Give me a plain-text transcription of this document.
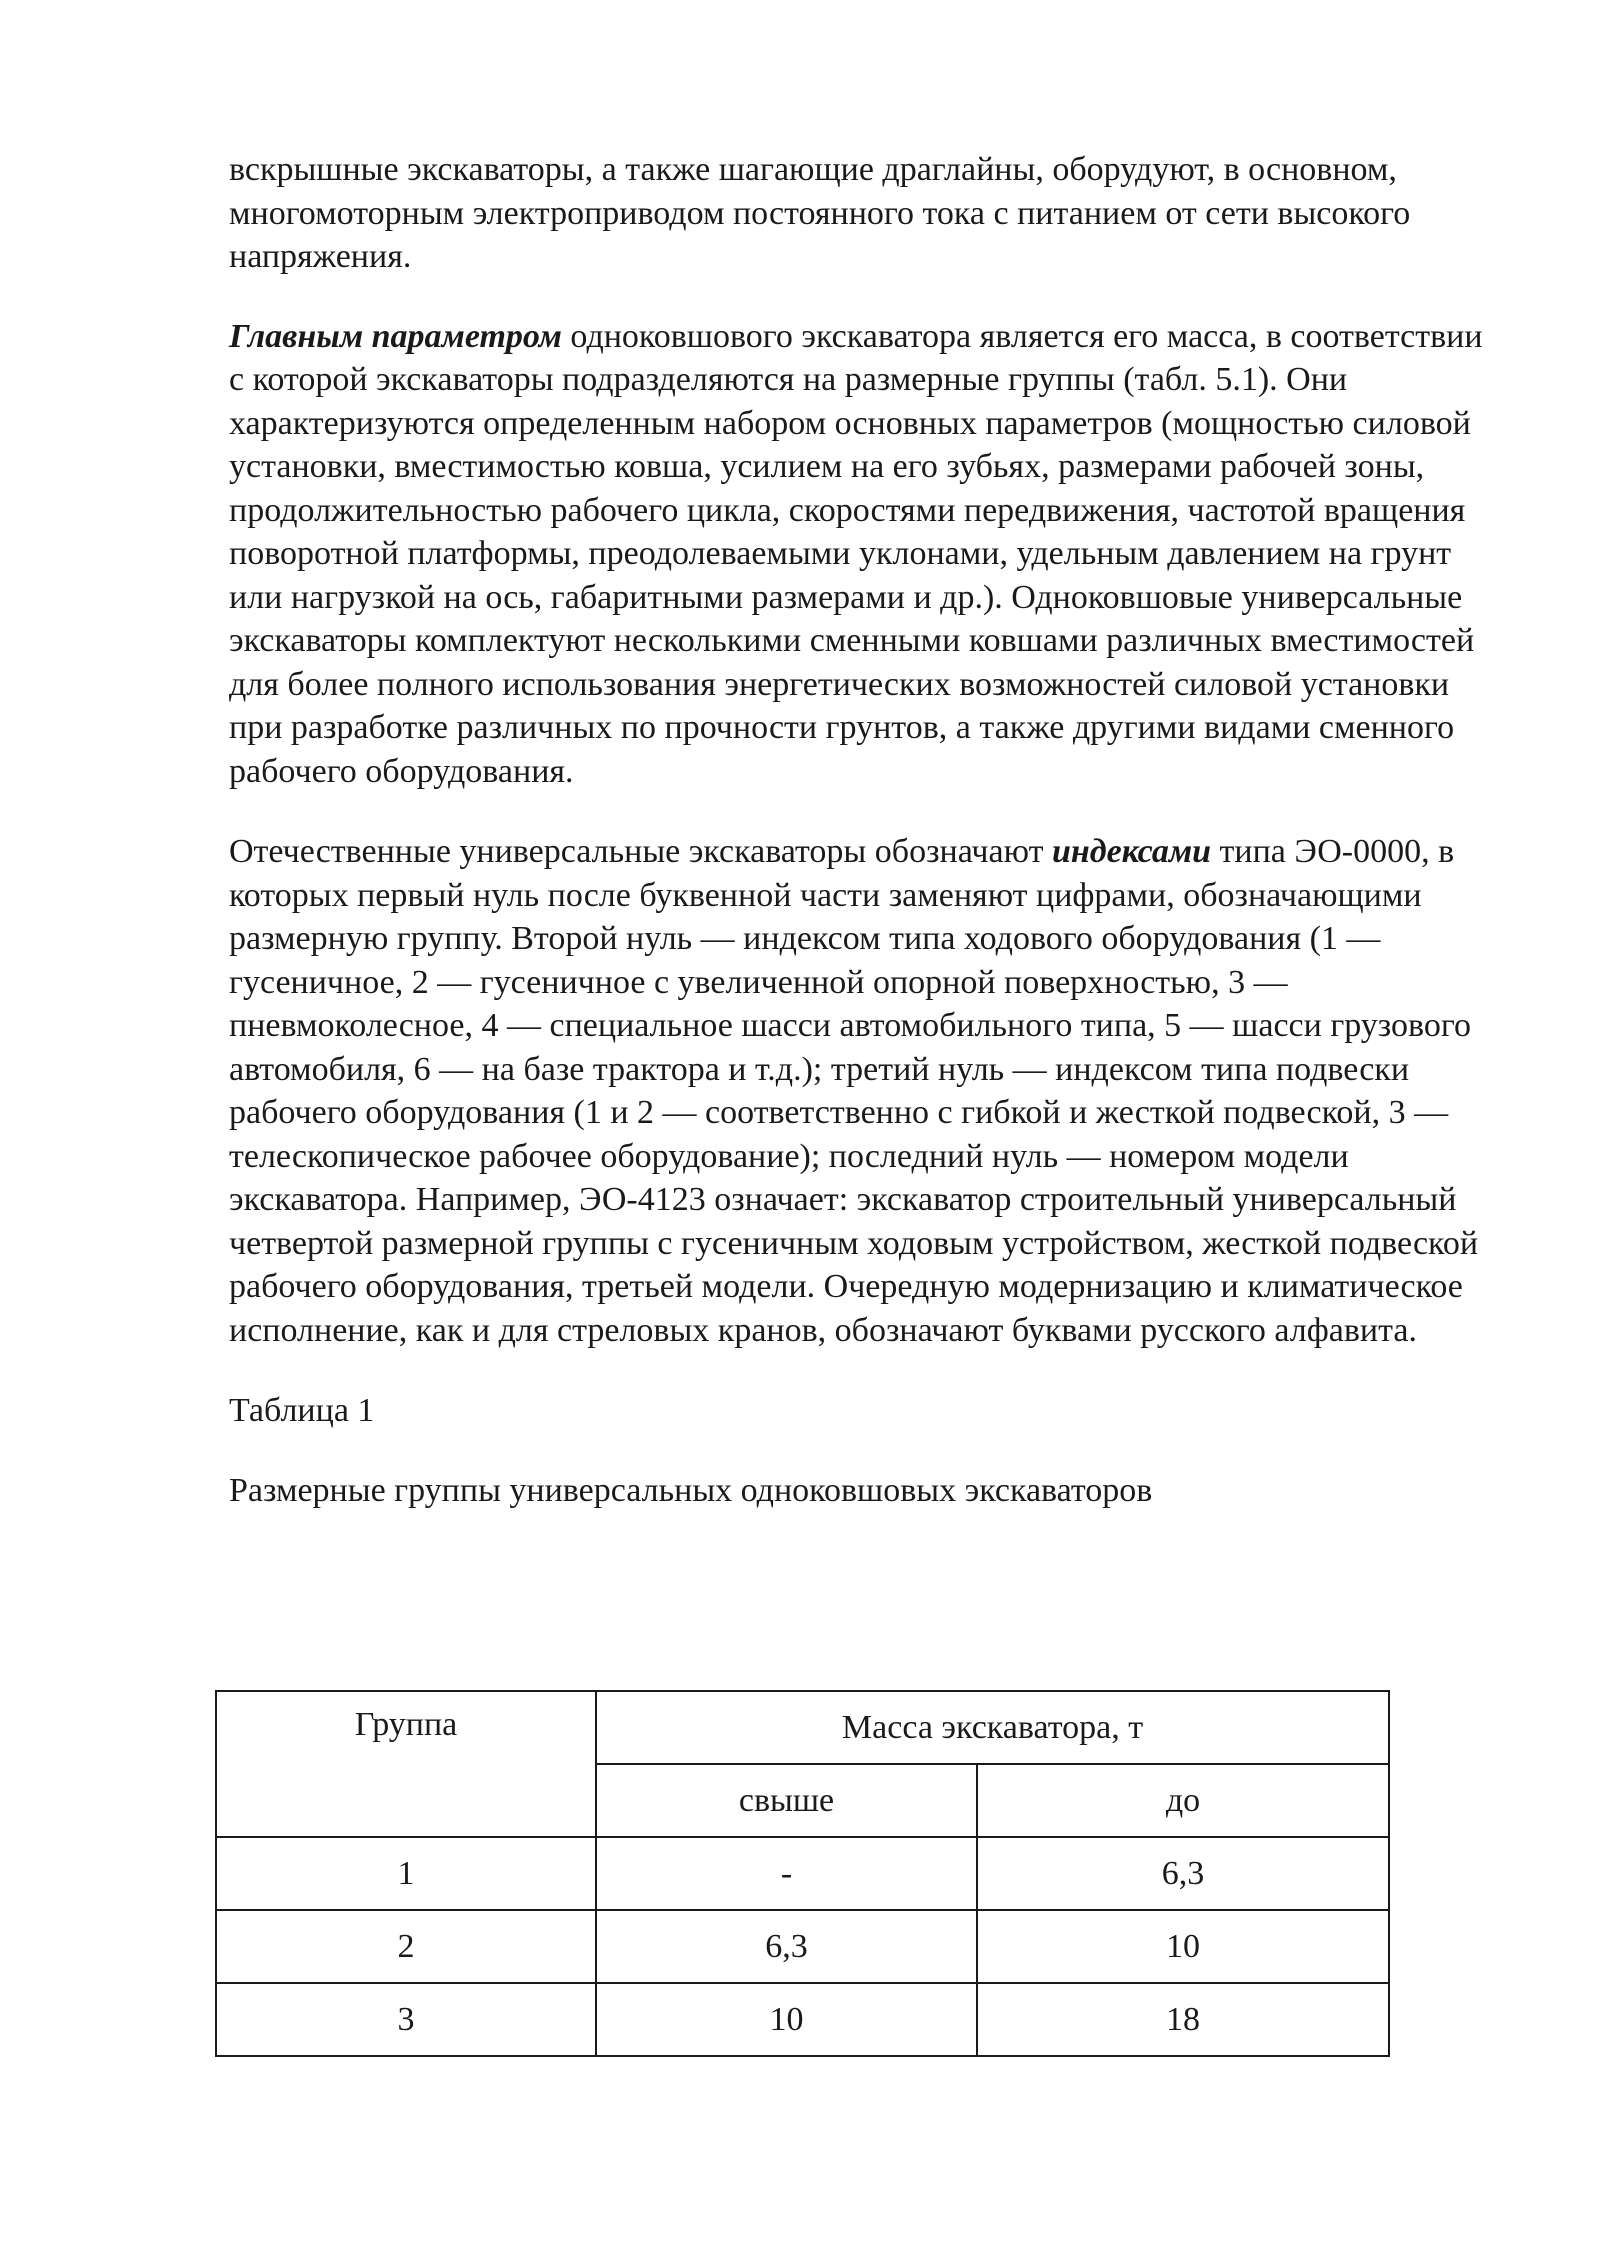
вскрышные экскаваторы, а также шагающие драглайны, оборудуют, в основном, многомоторным электроприводом постоянного тока с питанием от сети высокого напряжения.

Главным параметром одноковшового экскаватора является его масса, в соответствии с которой экскаваторы подразделяются на размерные группы (табл. 5.1). Они характеризуются определенным набором основных параметров (мощностью силовой установки, вместимостью ковша, усилием на его зубьях, размерами рабочей зоны, продолжительностью рабочего цикла, скоростями передвижения, частотой вращения поворотной платформы, преодолеваемыми уклонами, удельным давлением на грунт или нагрузкой на ось, габаритными размерами и др.). Одноковшовые универсальные экскаваторы комплектуют несколькими сменными ковшами различных вместимостей для более полного использования энергетических возможностей силовой установки при разработке различных по прочности грунтов, а также другими видами сменного рабочего оборудования.

Отечественные универсальные экскаваторы обозначают индексами типа ЭО-0000, в которых первый нуль после буквенной части заменяют цифрами, обозначающими размерную группу. Второй нуль — индексом типа ходового оборудования (1 — гусеничное, 2 — гусеничное с увеличенной опорной поверхностью, 3 — пневмоколесное, 4 — специальное шасси автомобильного типа, 5 — шасси грузового автомобиля, 6 — на базе трактора и т.д.); третий нуль — индексом типа подвески рабочего оборудования (1 и 2 — соответственно с гибкой и жесткой подвеской, 3 — телескопическое рабочее оборудование); последний нуль — номером модели экскаватора. Например, ЭО-4123 означает: экскаватор строительный универсальный четвертой размерной группы с гусеничным ходовым устройством, жесткой подвеской рабочего оборудования, третьей модели. Очередную модернизацию и климатическое исполнение, как и для стреловых кранов, обозначают буквами русского алфавита.

Таблица 1

Размерные группы универсальных одноковшовых экскаваторов

Группа	Масса экскаватора, т	
	свыше	до
1	-	6,3
2	6,3	10
3	10	18
